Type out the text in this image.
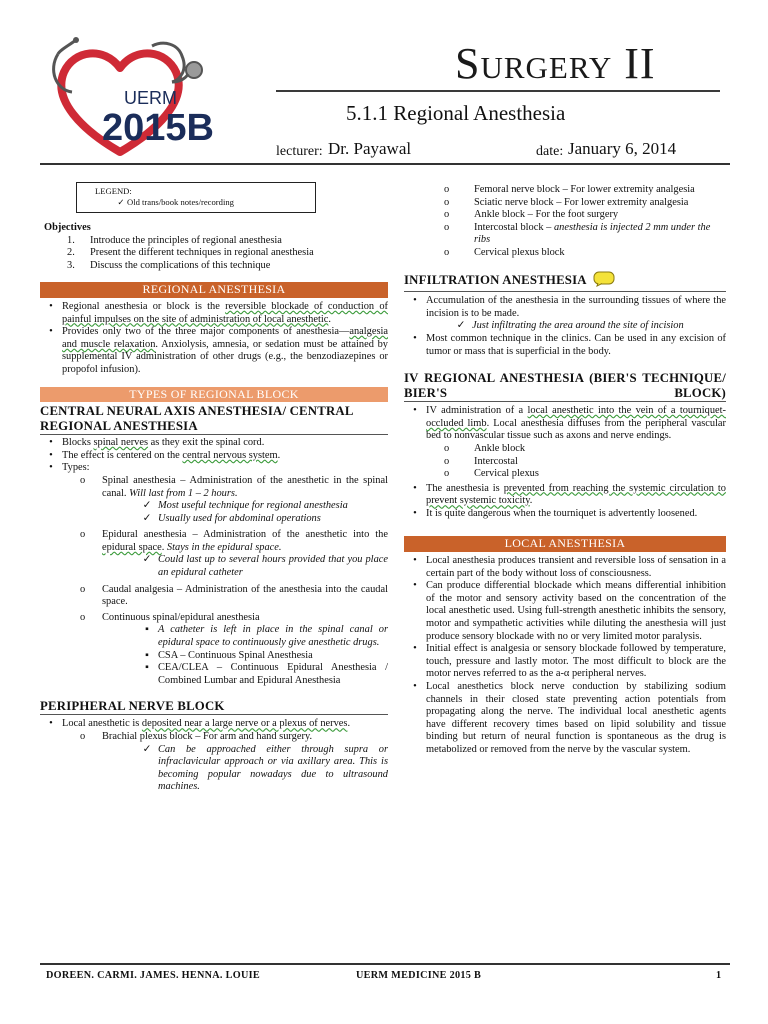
UERM
2015B
Surgery II
5.1.1 Regional Anesthesia
lecturer: Dr. Payawal	date: January 6, 2014
LEGEND:
✓ Old trans/book notes/recording
Objectives
1.	Introduce the principles of regional anesthesia
2.	Present the different techniques in regional anesthesia
3.	Discuss the complications of this technique
REGIONAL ANESTHESIA
• Regional anesthesia or block is the reversible blockade of conduction of painful impulses on the site of administration of local anesthetic.
• Provides only two of the three major components of anesthesia—analgesia and muscle relaxation. Anxiolysis, amnesia, or sedation must be attained by supplemental IV administration of other drugs (e.g., the benzodiazepines or propofol infusion).
TYPES OF REGIONAL BLOCK
CENTRAL NEURAL AXIS ANESTHESIA/ CENTRAL REGIONAL ANESTHESIA
• Blocks spinal nerves as they exit the spinal cord.
• The effect is centered on the central nervous system.
• Types:
o	Spinal anesthesia – Administration of the anesthetic in the spinal canal. Will last from 1 – 2 hours.
✓ Most useful technique for regional anesthesia
✓ Usually used for abdominal operations
o	Epidural anesthesia – Administration of the anesthetic into the epidural space. Stays in the epidural space.
✓ Could last up to several hours provided that you place an epidural catheter
o	Caudal analgesia – Administration of the anesthesia into the caudal space.
o	Continuous spinal/epidural anesthesia
▪ A catheter is left in place in the spinal canal or epidural space to continuously give anesthetic drugs.
▪ CSA – Continuous Spinal Anesthesia
▪ CEA/CLEA – Continuous Epidural Anesthesia / Combined Lumbar and Epidural Anesthesia
PERIPHERAL NERVE BLOCK
• Local anesthetic is deposited near a large nerve or a plexus of nerves.
o	Brachial plexus block – For arm and hand surgery.
✓ Can be approached either through supra or infraclavicular approach or via axillary area. This is becoming popular nowadays due to ultrasound machines.
o	Femoral nerve block – For lower extremity analgesia
o	Sciatic nerve block – For lower extremity analgesia
o	Ankle block – For the foot surgery
o	Intercostal block – anesthesia is injected 2 mm under the ribs
o	Cervical plexus block
INFILTRATION ANESTHESIA
• Accumulation of the anesthesia in the surrounding tissues of where the incision is to be made.
✓ Just infiltrating the area around the site of incision
• Most common technique in the clinics. Can be used in any excision of tumor or mass that is superficial in the body.
IV REGIONAL ANESTHESIA (BIER'S TECHNIQUE/ BIER'S BLOCK)
• IV administration of a local anesthetic into the vein of a tourniquet-occluded limb. Local anesthesia diffuses from the peripheral vascular bed to nonvascular tissue such as axons and nerve endings.
o	Ankle block
o	Intercostal
o	Cervical plexus
• The anesthesia is prevented from reaching the systemic circulation to prevent systemic toxicity.
• It is quite dangerous when the tourniquet is advertently loosened.
LOCAL ANESTHESIA
• Local anesthesia produces transient and reversible loss of sensation in a certain part of the body without loss of consciousness.
• Can produce differential blockade which means differential inhibition of the motor and sensory activity based on the concentration of the local anesthetic used. Using full-strength anesthetic inhibits the sensory, motor and sympathetic activities while diluting the anesthesia will just produce sensory blockade with no or very limited motor paralysis.
• Initial effect is analgesia or sensory blockade followed by temperature, touch, pressure and lastly motor. The most difficult to block are the motor nerves referred to as the a-α peripheral nerves.
• Local anesthetics block nerve conduction by stabilizing sodium channels in their closed state preventing action potentials from propagating along the nerve. The individual local anesthetic agents have different recovery times based on lipid solubility and tissue binding but return of neural function is spontaneous as the drug is metabolized or removed from the nerve by the vascular system.
DOREEN. CARMI. JAMES. HENNA. LOUIE	UERM MEDICINE 2015 B	1
